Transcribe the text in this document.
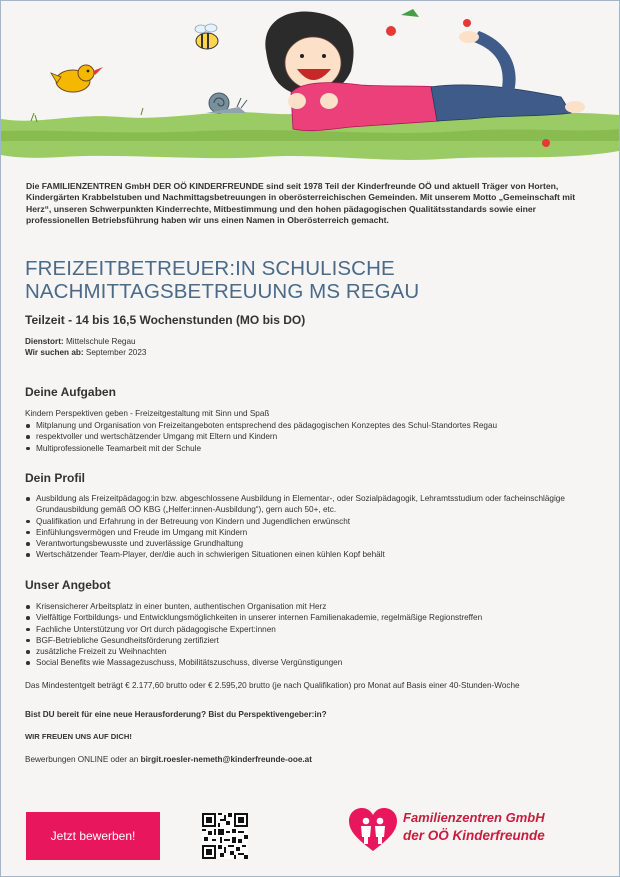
Die FAMILIENZENTREN GmbH DER OÖ KINDERFREUNDE sind seit 1978 Teil der Kinderfreunde OÖ und aktuell Träger von Horten, Kindergärten Krabbelstuben und Nachmittagsbetreuungen in oberösterreichischen Gemeinden. Mit unserem Motto „Gemeinschaft mit Herz“, unseren Schwerpunkten Kinderrechte, Mitbestimmung und den hohen pädagogischen Qualitätsstandards sowie einer professionellen Betriebsführung haben wir uns einen Namen in Oberösterreich gemacht.
FREIZEITBETREUER:IN SCHULISCHE
NACHMITTAGSBETREUUNG MS REGAU
Teilzeit - 14 bis 16,5 Wochenstunden (MO bis DO)
Dienstort: Mittelschule Regau
Wir suchen ab: September 2023
Deine Aufgaben
Kindern Perspektiven geben - Freizeitgestaltung mit Sinn und Spaß
Mitplanung und Organisation von Freizeitangeboten entsprechend des pädagogischen Konzeptes des Schul-Standortes Regau
respektvoller und wertschätzender Umgang mit Eltern und Kindern
Multiprofessionelle Teamarbeit mit der Schule
Dein Profil
Ausbildung als Freizeitpädagog:in bzw. abgeschlossene Ausbildung in Elementar-, oder Sozialpädagogik, Lehramtsstudium oder facheinschlägige Grundausbildung gemäß OÖ KBG („Helfer:innen-Ausbildung“), gern auch 50+, etc.
Qualifikation und Erfahrung in der Betreuung von Kindern und Jugendlichen erwünscht
Einfühlungsvermögen und Freude im Umgang mit Kindern
Verantwortungsbewusste und zuverlässige Grundhaltung
Wertschätzender Team-Player, der/die auch in schwierigen Situationen einen kühlen Kopf behält
Unser Angebot
Krisensicherer Arbeitsplatz in einer bunten, authentischen Organisation mit Herz
Vielfältige Fortbildungs- und Entwicklungsmöglichkeiten in unserer internen Familienakademie, regelmäßige Regionstreffen
Fachliche Unterstützung vor Ort durch pädagogische Expert:innen
BGF-Betriebliche Gesundheitsförderung zertifiziert
zusätzliche Freizeit zu Weihnachten
Social Benefits wie Massagezuschuss, Mobilitätszuschuss, diverse Vergünstigungen
Das Mindestentgelt beträgt € 2.177,60 brutto oder € 2.595,20 brutto (je nach Qualifikation) pro Monat auf Basis einer 40-Stunden-Woche
Bist DU bereit für eine neue Herausforderung? Bist du Perspektivengeber:in?
WIR FREUEN UNS AUF DICH!
Bewerbungen ONLINE oder an birgit.roesler-nemeth@kinderfreunde-ooe.at
Jetzt bewerben!
Familienzentren GmbH
der OÖ Kinderfreunde
